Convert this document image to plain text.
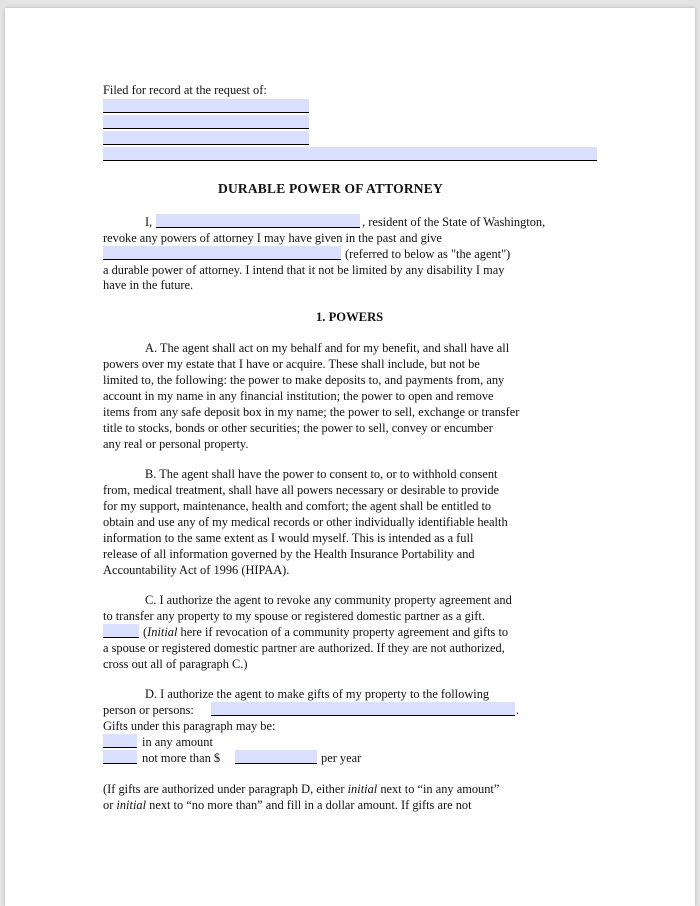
Filed for record at the request of:
DURABLE POWER OF ATTORNEY
I,	, resident of the State of Washington,
revoke any powers of attorney I may have given in the past and give
(referred to below as "the agent")
a durable power of attorney. I intend that it not be limited by any disability I may
have in the future.
1. POWERS
A. The agent shall act on my behalf and for my benefit, and shall have all
powers over my estate that I have or acquire. These shall include, but not be
limited to, the following: the power to make deposits to, and payments from, any
account in my name in any financial institution; the power to open and remove
items from any safe deposit box in my name; the power to sell, exchange or transfer
title to stocks, bonds or other securities; the power to sell, convey or encumber
any real or personal property.
B. The agent shall have the power to consent to, or to withhold consent
from, medical treatment, shall have all powers necessary or desirable to provide
for my support, maintenance, health and comfort; the agent shall be entitled to
obtain and use any of my medical records or other individually identifiable health
information to the same extent as I would myself. This is intended as a full
release of all information governed by the Health Insurance Portability and
Accountability Act of 1996 (HIPAA).
C. I authorize the agent to revoke any community property agreement and
to transfer any property to my spouse or registered domestic partner as a gift.
(Initial here if revocation of a community property agreement and gifts to
a spouse or registered domestic partner are authorized. If they are not authorized,
cross out all of paragraph C.)
D. I authorize the agent to make gifts of my property to the following
person or persons:	.
Gifts under this paragraph may be:
in any amount
not more than $	per year
(If gifts are authorized under paragraph D, either initial next to “in any amount”
or initial next to “no more than” and fill in a dollar amount. If gifts are not
